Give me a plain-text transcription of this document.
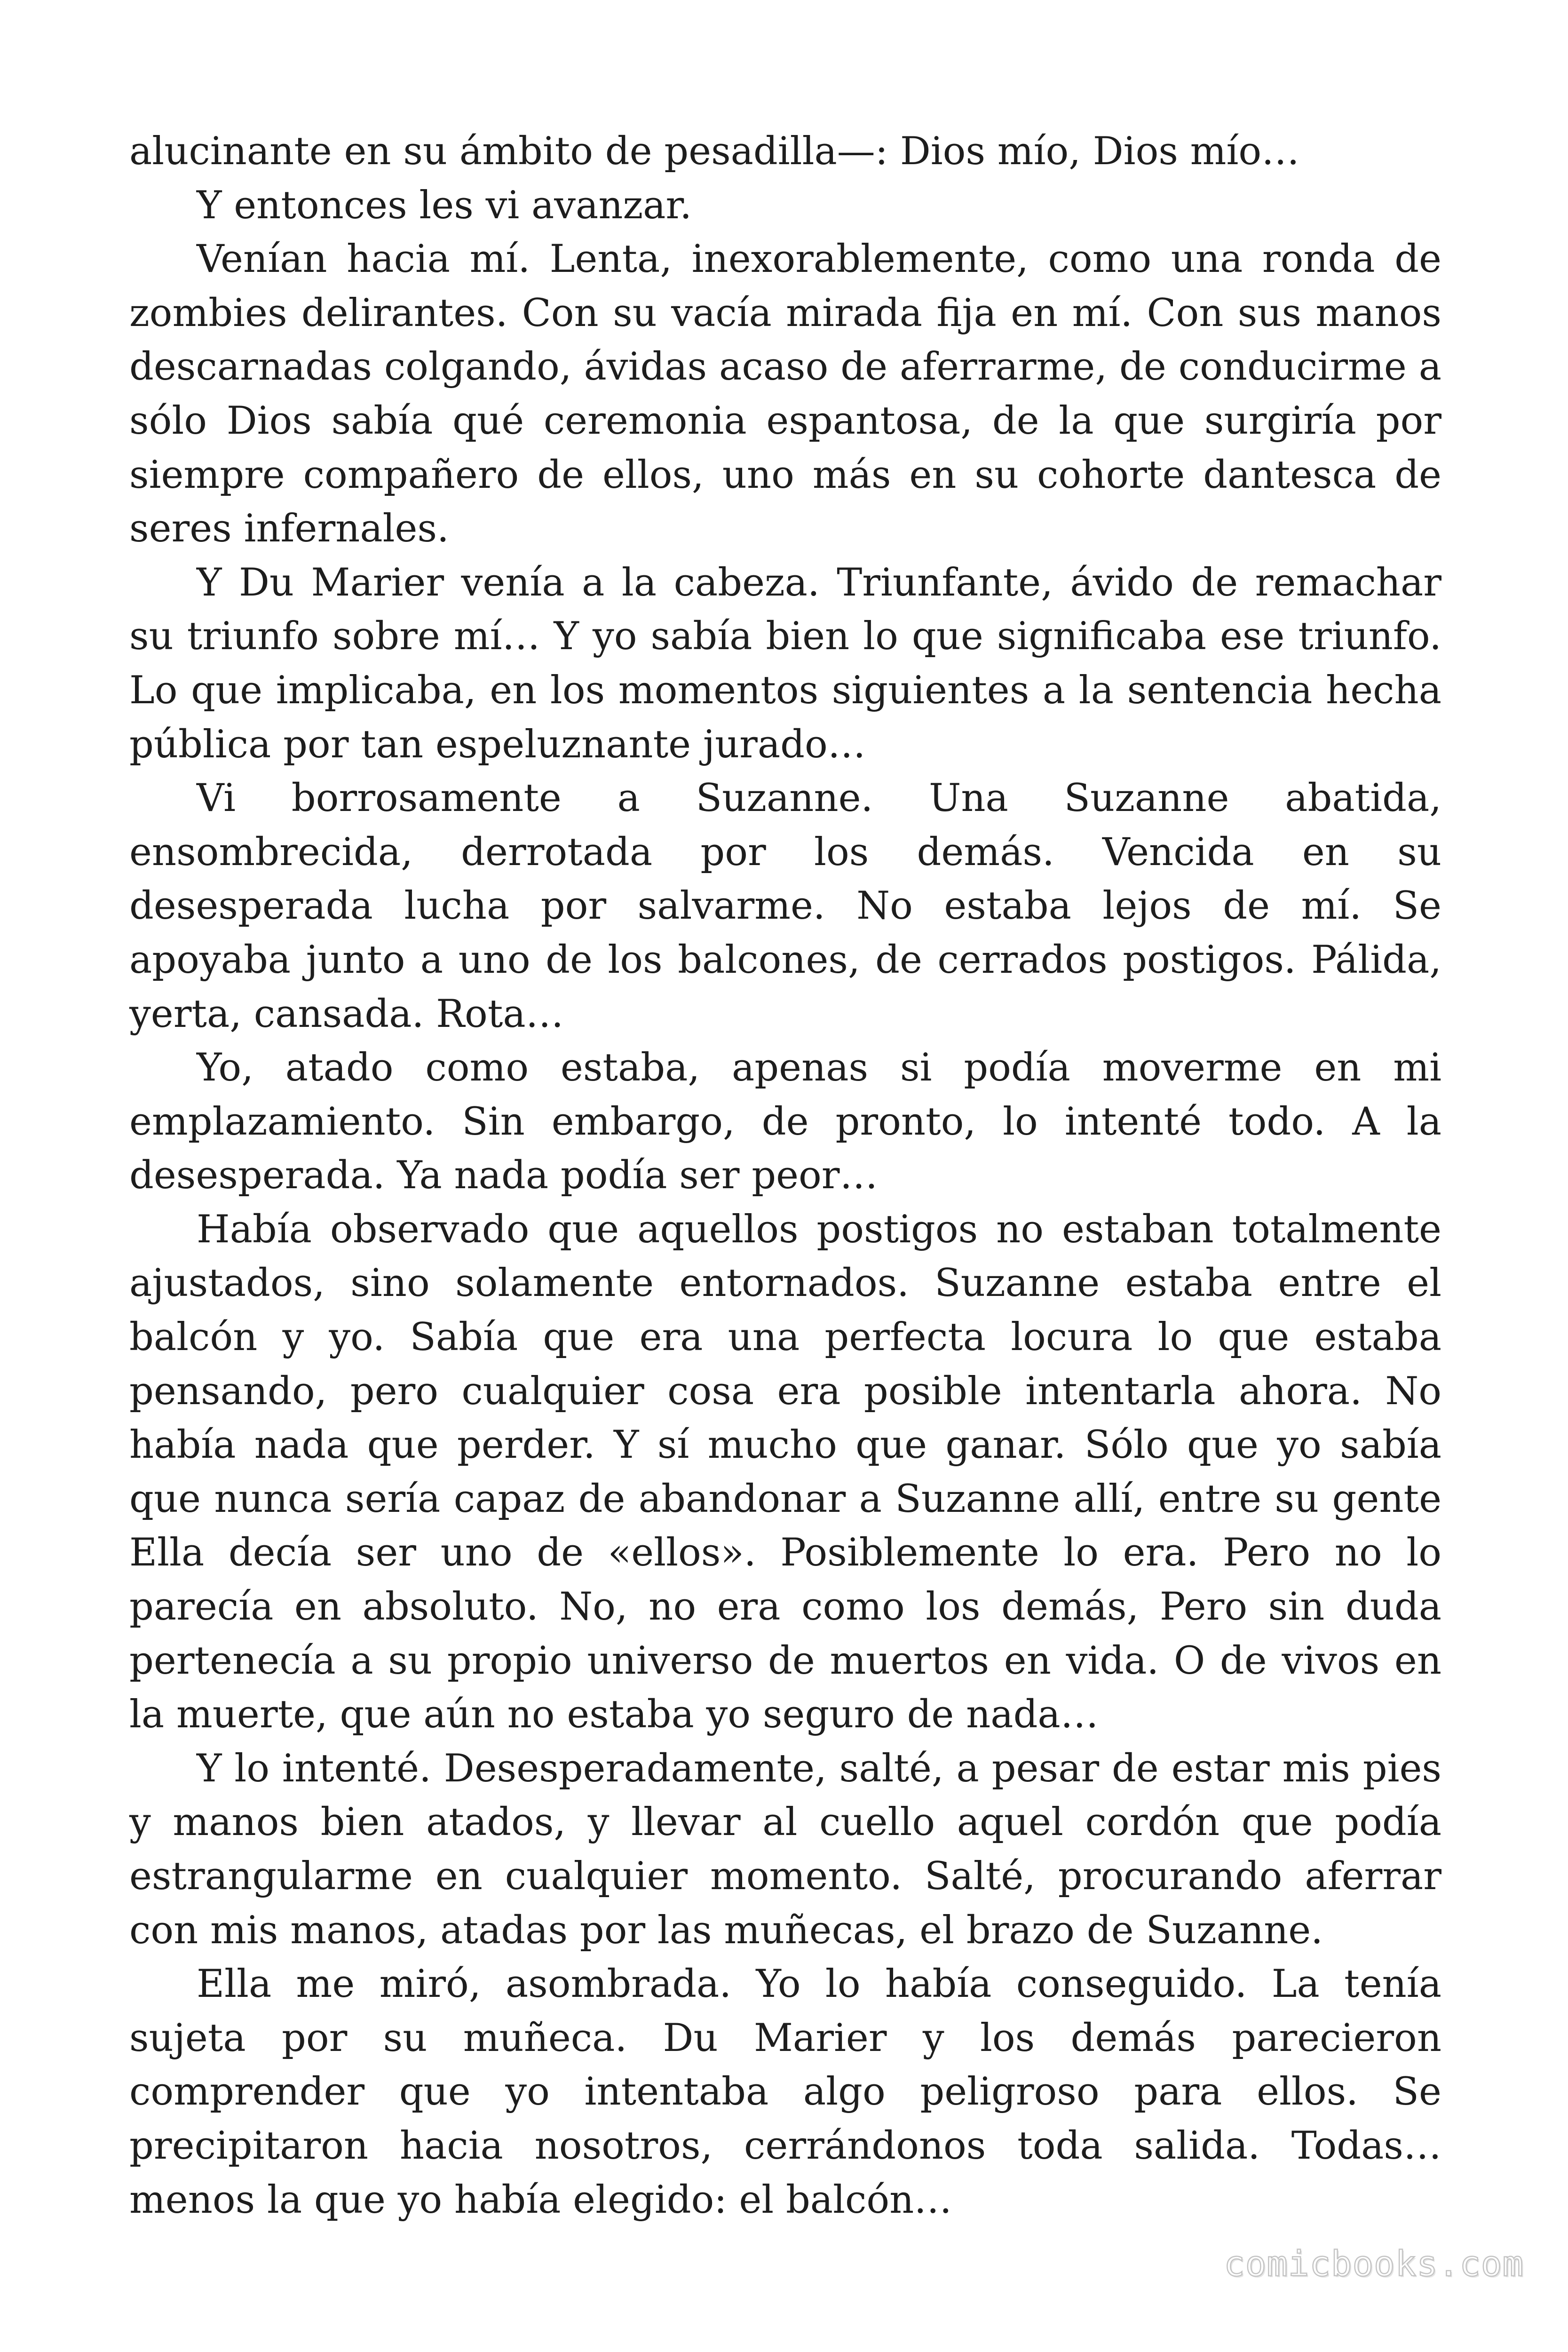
alucinante en su ámbito de pesadilla—: Dios mío, Dios mío…

Y entonces les vi avanzar.

Venían hacia mí. Lenta, inexorablemente, como una ronda de zombies delirantes. Con su vacía mirada fija en mí. Con sus manos descarnadas colgando, ávidas acaso de aferrarme, de conducirme a sólo Dios sabía qué ceremonia espantosa, de la que surgiría por siempre compañero de ellos, uno más en su cohorte dantesca de seres infernales.

Y Du Marier venía a la cabeza. Triunfante, ávido de remachar su triunfo sobre mí… Y yo sabía bien lo que significaba ese triunfo. Lo que implicaba, en los momentos siguientes a la sentencia hecha pública por tan espeluznante jurado…

Vi borrosamente a Suzanne. Una Suzanne abatida, ensombrecida, derrotada por los demás. Vencida en su desesperada lucha por salvarme. No estaba lejos de mí. Se apoyaba junto a uno de los balcones, de cerrados postigos. Pálida, yerta, cansada. Rota…

Yo, atado como estaba, apenas si podía moverme en mi emplazamiento. Sin embargo, de pronto, lo intenté todo. A la desesperada. Ya nada podía ser peor…

Había observado que aquellos postigos no estaban totalmente ajustados, sino solamente entornados. Suzanne estaba entre el balcón y yo. Sabía que era una perfecta locura lo que estaba pensando, pero cualquier cosa era posible intentarla ahora. No había nada que perder. Y sí mucho que ganar. Sólo que yo sabía que nunca sería capaz de abandonar a Suzanne allí, entre su gente Ella decía ser uno de «ellos». Posiblemente lo era. Pero no lo parecía en absoluto. No, no era como los demás, Pero sin duda pertenecía a su propio universo de muertos en vida. O de vivos en la muerte, que aún no estaba yo seguro de nada…

Y lo intenté. Desesperadamente, salté, a pesar de estar mis pies y manos bien atados, y llevar al cuello aquel cordón que podía estrangularme en cualquier momento. Salté, procurando aferrar con mis manos, atadas por las muñecas, el brazo de Suzanne.

Ella me miró, asombrada. Yo lo había conseguido. La tenía sujeta por su muñeca. Du Marier y los demás parecieron comprender que yo intentaba algo peligroso para ellos. Se precipitaron hacia nosotros, cerrándonos toda salida. Todas… menos la que yo había elegido: el balcón…

comicbooks.com
